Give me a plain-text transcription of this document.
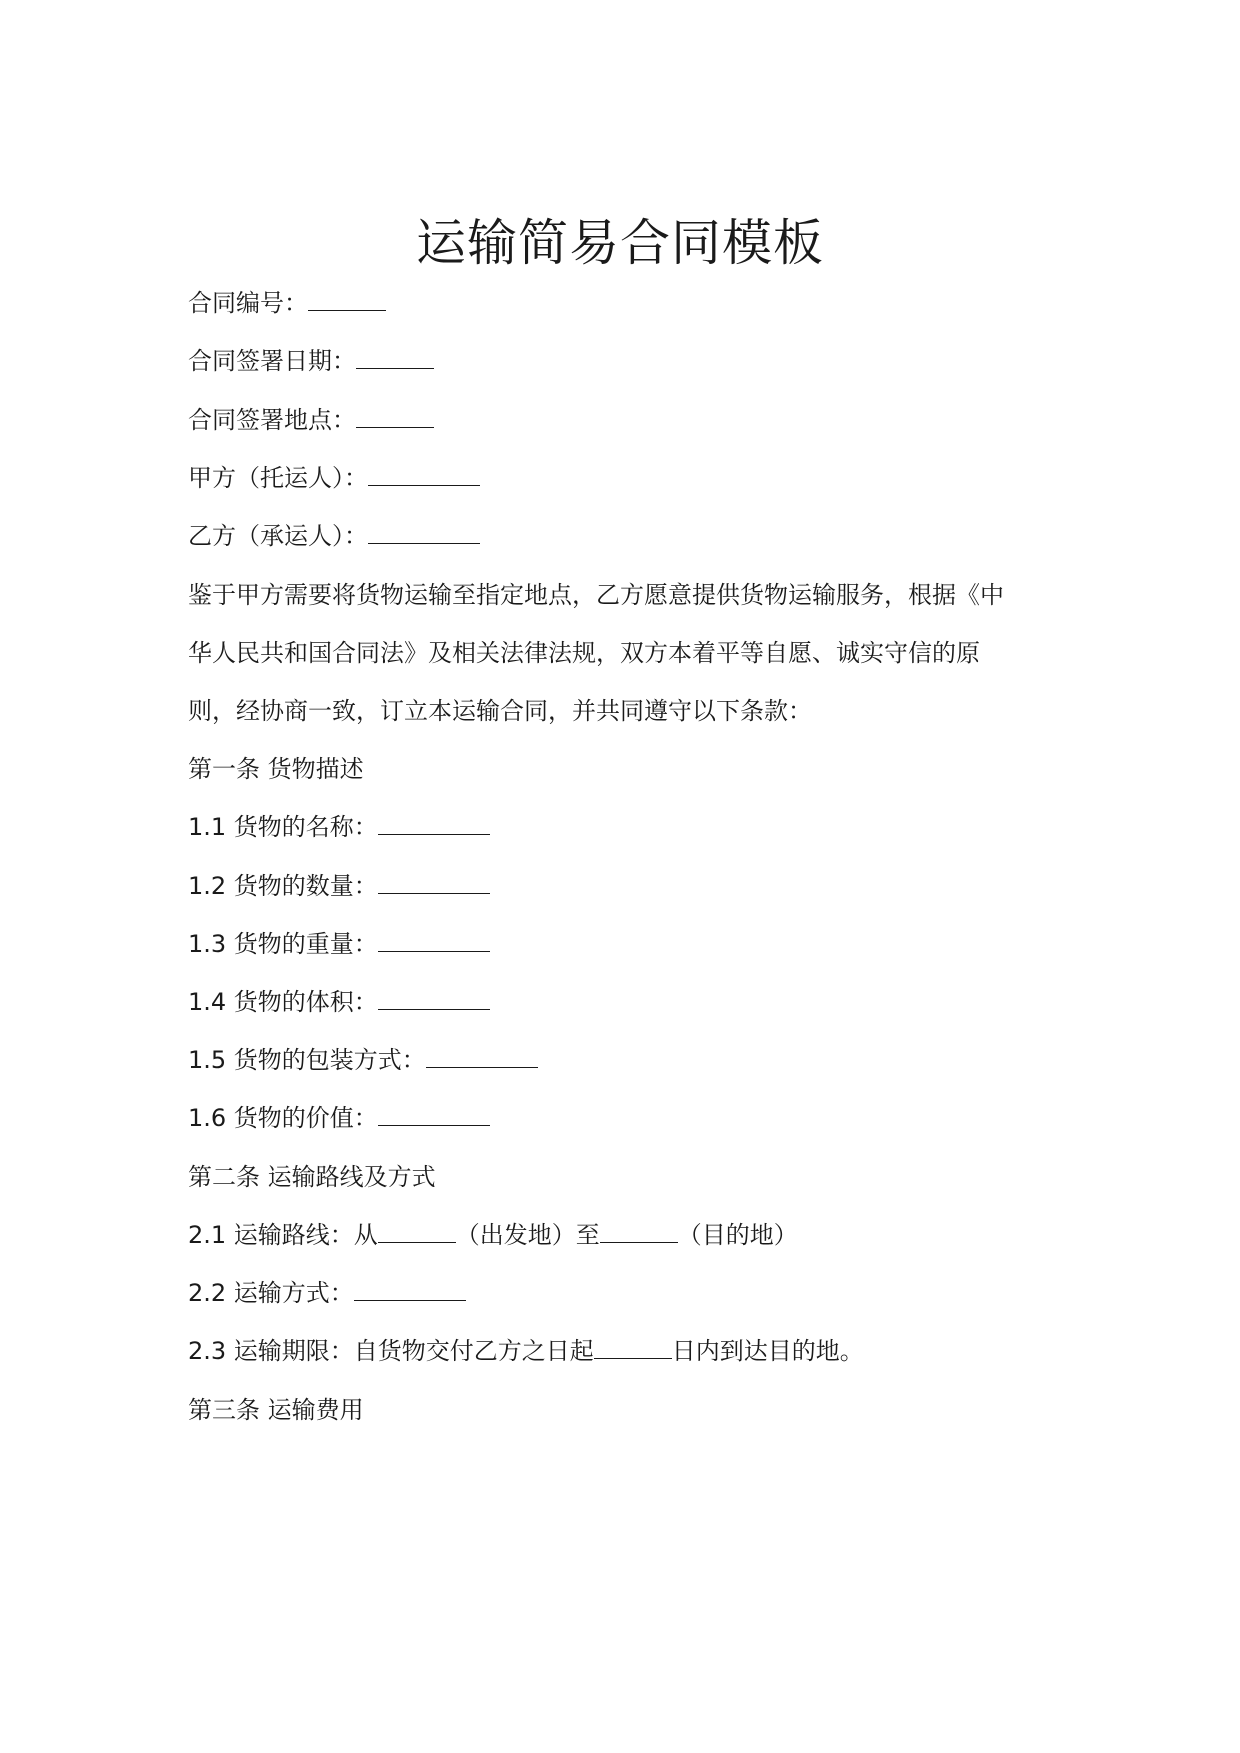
运输简易合同模板

合同编号：

合同签署日期：

合同签署地点：

甲方（托运人）：

乙方（承运人）：

鉴于甲方需要将货物运输至指定地点，乙方愿意提供货物运输服务，根据《中

华人民共和国合同法》及相关法律法规，双方本着平等自愿、诚实守信的原

则，经协商一致，订立本运输合同，并共同遵守以下条款：

第一条 货物描述

1.1 货物的名称：

1.2 货物的数量：

1.3 货物的重量：

1.4 货物的体积：

1.5 货物的包装方式：

1.6 货物的价值：

第二条 运输路线及方式

2.1 运输路线：从	（出发地）至	（目的地）

2.2 运输方式：

2.3 运输期限：自货物交付乙方之日起	日内到达目的地。

第三条 运输费用
